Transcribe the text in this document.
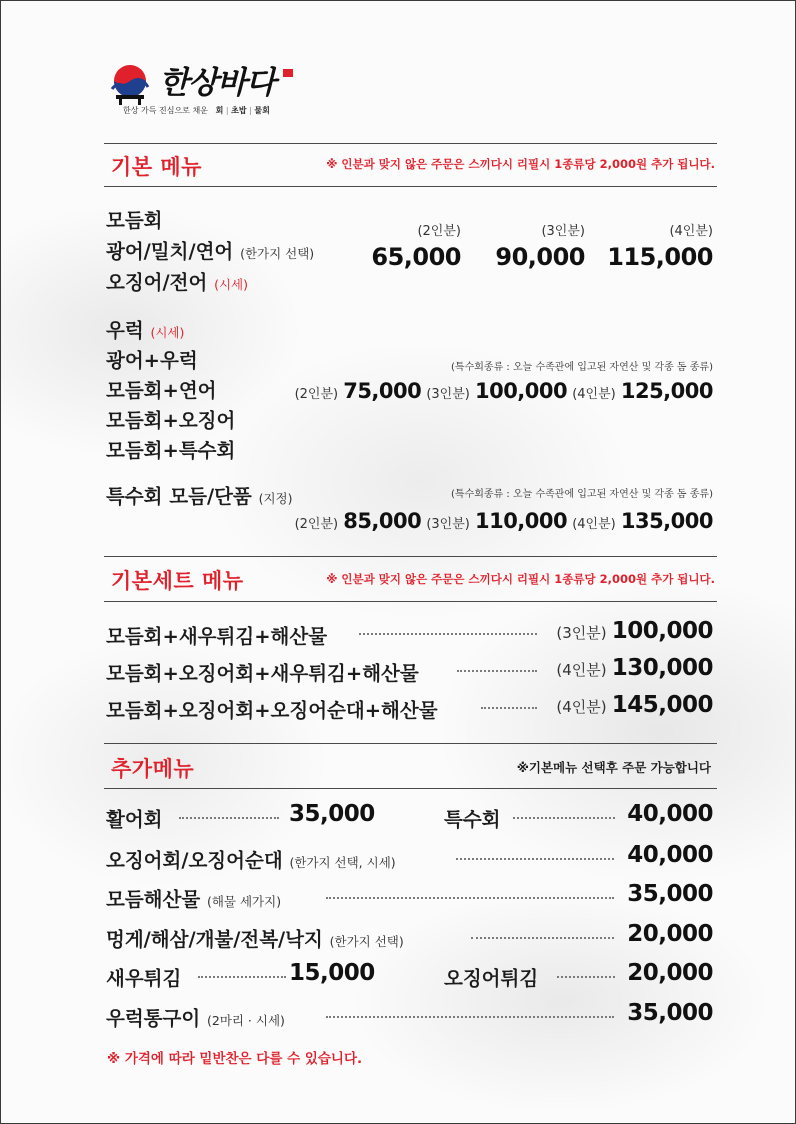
한상바다
한상 가득 진심으로 채운 회 | 초밥 | 물회
기본 메뉴	※ 인분과 맞지 않은 주문은 스끼다시 리필시 1종류당 2,000원 추가 됩니다.
모듬회
광어/밀치/연어 (한가지 선택)
오징어/전어 (시세)
(2인분)	(3인분)	(4인분)
65,000 90,000 115,000
우럭 (시세)
광어+우럭
모듬회+연어
모듬회+오징어
모듬회+특수회
(특수회종류 : 오늘 수족관에 입고된 자연산 및 각종 돔 종류)
(2인분) 75,000 (3인분) 100,000 (4인분) 125,000
특수회 모듬/단품 (지정)	(특수회종류 : 오늘 수족관에 입고된 자연산 및 각종 돔 종류)
(2인분) 85,000 (3인분) 110,000 (4인분) 135,000
기본세트 메뉴	※ 인분과 맞지 않은 주문은 스끼다시 리필시 1종류당 2,000원 추가 됩니다.
모듬회+새우튀김+해산물	(3인분) 100,000
모듬회+오징어회+새우튀김+해산물	(4인분) 130,000
모듬회+오징어회+오징어순대+해산물	(4인분) 145,000
추가메뉴	※기본메뉴 선택후 주문 가능합니다
활어회	35,000	특수회	40,000
오징어회/오징어순대 (한가지 선택, 시세)	40,000
모듬해산물 (해물 세가지)	35,000
멍게/해삼/개불/전복/낙지 (한가지 선택)	20,000
새우튀김	15,000	오징어튀김	20,000
우럭통구이 (2마리 · 시세)	35,000
※ 가격에 따라 밑반찬은 다를 수 있습니다.
